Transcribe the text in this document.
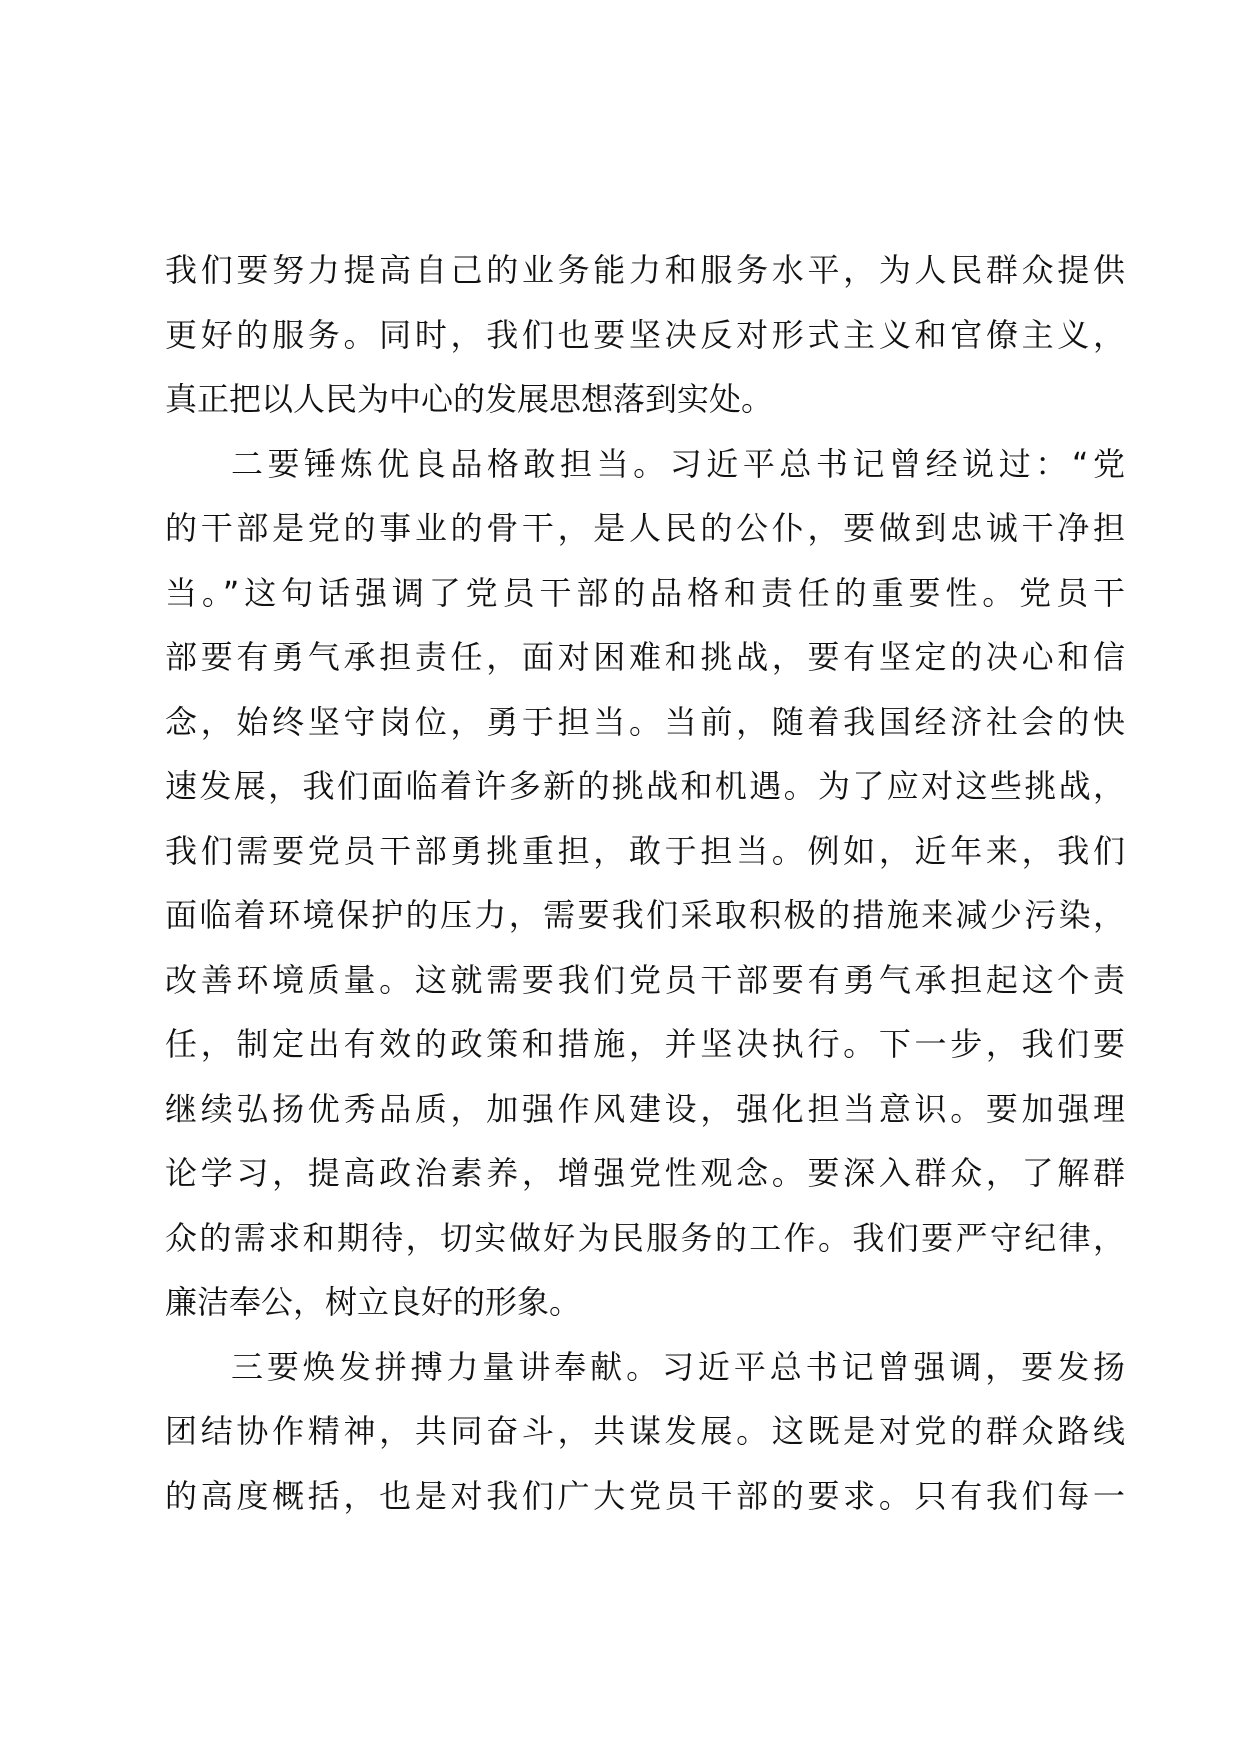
我们要努力提高自己的业务能力和服务水平，为人民群众提供
更好的服务。同时，我们也要坚决反对形式主义和官僚主义，
真正把以人民为中心的发展思想落到实处。
二要锤炼优良品格敢担当。习近平总书记曾经说过：“党
的干部是党的事业的骨干，是人民的公仆，要做到忠诚干净担
当。”这句话强调了党员干部的品格和责任的重要性。党员干
部要有勇气承担责任，面对困难和挑战，要有坚定的决心和信
念，始终坚守岗位，勇于担当。当前，随着我国经济社会的快
速发展，我们面临着许多新的挑战和机遇。为了应对这些挑战，
我们需要党员干部勇挑重担，敢于担当。例如，近年来，我们
面临着环境保护的压力，需要我们采取积极的措施来减少污染，
改善环境质量。这就需要我们党员干部要有勇气承担起这个责
任，制定出有效的政策和措施，并坚决执行。下一步，我们要
继续弘扬优秀品质，加强作风建设，强化担当意识。要加强理
论学习，提高政治素养，增强党性观念。要深入群众，了解群
众的需求和期待，切实做好为民服务的工作。我们要严守纪律，
廉洁奉公，树立良好的形象。
三要焕发拼搏力量讲奉献。习近平总书记曾强调，要发扬
团结协作精神，共同奋斗，共谋发展。这既是对党的群众路线
的高度概括，也是对我们广大党员干部的要求。只有我们每一
